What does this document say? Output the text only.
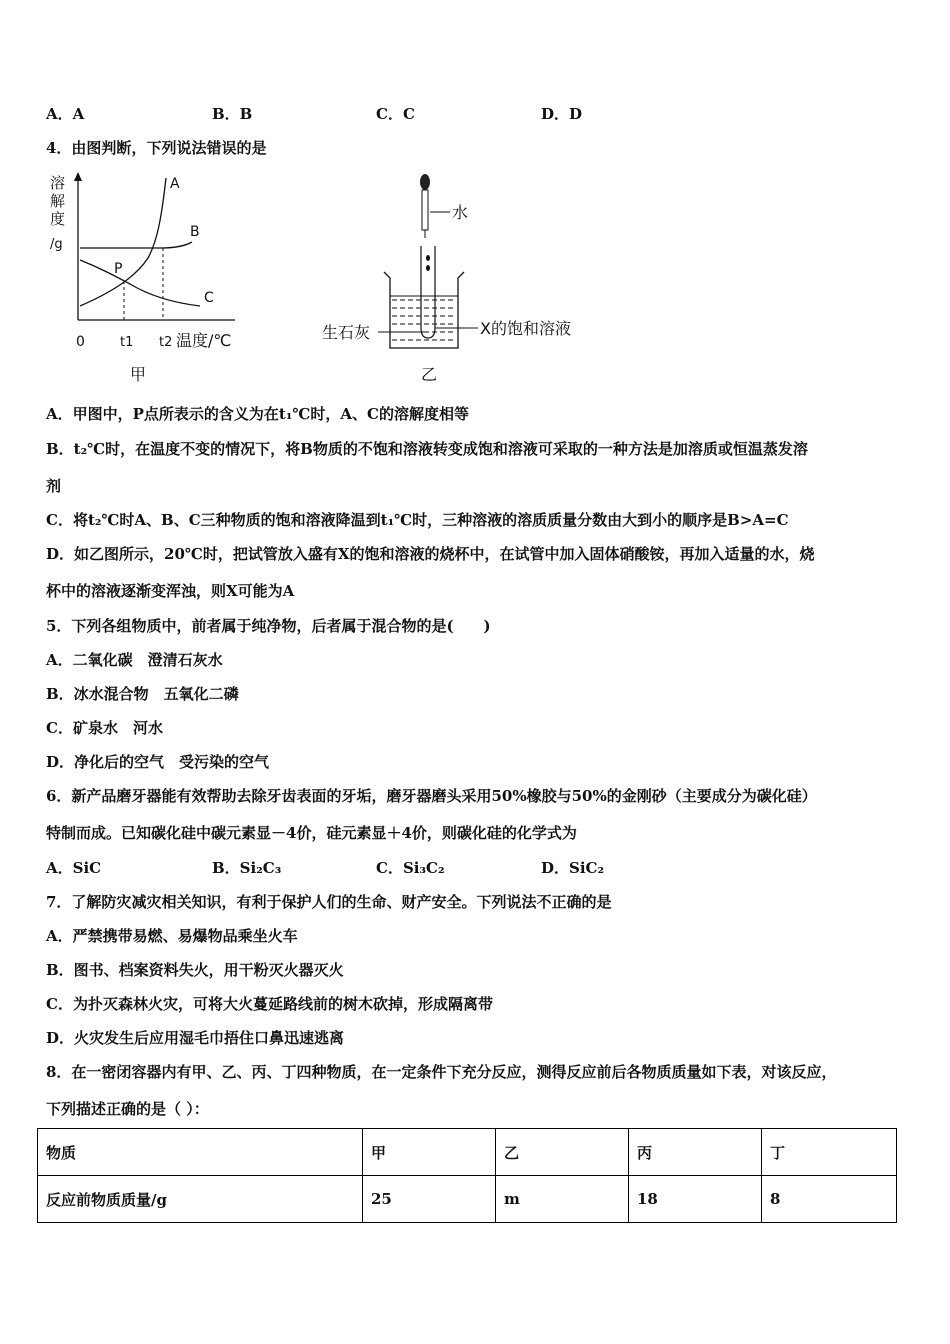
A．A	B．B	C．C	D．D
4．由图判断，下列说法错误的是
溶
解
度
/g
A
B
C
P
0	t1 t2 温度/℃
甲
水
生石灰	X的饱和溶液
乙
A．甲图中，P点所表示的含义为在t₁℃时，A、C的溶解度相等
B．t₂℃时，在温度不变的情况下，将B物质的不饱和溶液转变成饱和溶液可采取的一种方法是加溶质或恒温蒸发溶
剂
C．将t₂℃时A、B、C三种物质的饱和溶液降温到t₁℃时，三种溶液的溶质质量分数由大到小的顺序是B>A=C
D．如乙图所示，20℃时，把试管放入盛有X的饱和溶液的烧杯中，在试管中加入固体硝酸铵，再加入适量的水，烧
杯中的溶液逐渐变浑浊，则X可能为A
5．下列各组物质中，前者属于纯净物，后者属于混合物的是(　　)
A．二氧化碳　澄清石灰水
B．冰水混合物　五氧化二磷
C．矿泉水　河水
D．净化后的空气　受污染的空气
6．新产品磨牙器能有效帮助去除牙齿表面的牙垢，磨牙器磨头采用50%橡胶与50%的金刚砂（主要成分为碳化硅）
特制而成。已知碳化硅中碳元素显－4价，硅元素显＋4价，则碳化硅的化学式为
A．SiC	B．Si₂C₃	C．Si₃C₂	D．SiC₂
7．了解防灾减灾相关知识，有利于保护人们的生命、财产安全。下列说法不正确的是
A．严禁携带易燃、易爆物品乘坐火车
B．图书、档案资料失火，用干粉灭火器灭火
C．为扑灭森林火灾，可将大火蔓延路线前的树木砍掉，形成隔离带
D．火灾发生后应用湿毛巾捂住口鼻迅速逃离
8．在一密闭容器内有甲、乙、丙、丁四种物质，在一定条件下充分反应，测得反应前后各物质质量如下表，对该反应，
下列描述正确的是（ ）：
物质	甲	乙	丙	丁
反应前物质质量/g	25	m	18	8
